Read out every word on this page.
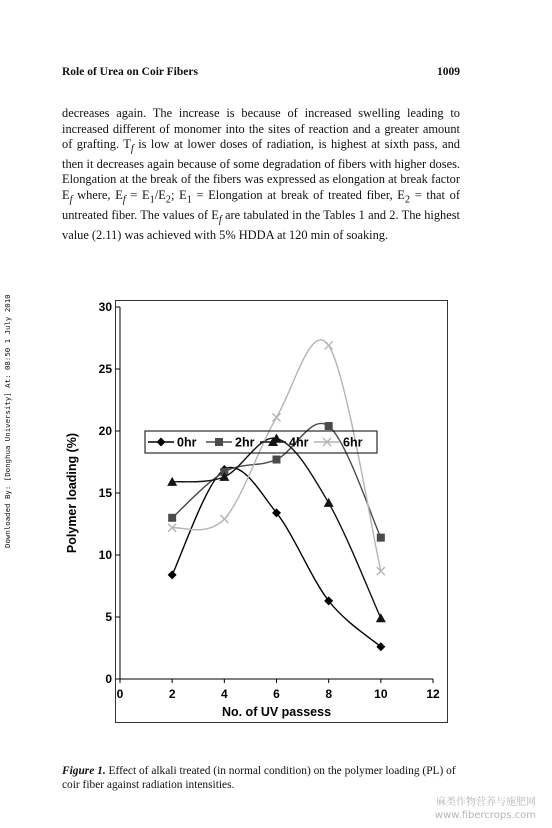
Role of Urea on Coir Fibers	1009

decreases again. The increase is because of increased swelling leading to increased different of monomer into the sites of reaction and a greater amount of grafting. $T_f$ is low at lower doses of radiation, is highest at sixth pass, and then it decreases again because of some degradation of fibers with higher doses. Elongation at the break of the fibers was expressed as elongation at break factor $E_f$ where, $E_f = E_1/E_2$; $E_1$ = Elongation at break of treated fiber, $E_2$ = that of untreated fiber. The values of $E_f$ are tabulated in the Tables 1 and 2. The highest value (2.11) was achieved with 5% HDDA at 120 min of soaking.

Downloaded By: [Donghua University] At: 08:50 1 July 2010
0
5
10
15
20
25
30
0	2	4	6	8	10	12
No. of UV passess
Polymer loading (%)	0hr	2hr	4hr	6hr

Figure 1. Effect of alkali treated (in normal condition) on the polymer loading (PL) of coir fiber against radiation intensities.

麻类作物营养与施肥网
www.fibercrops.com
